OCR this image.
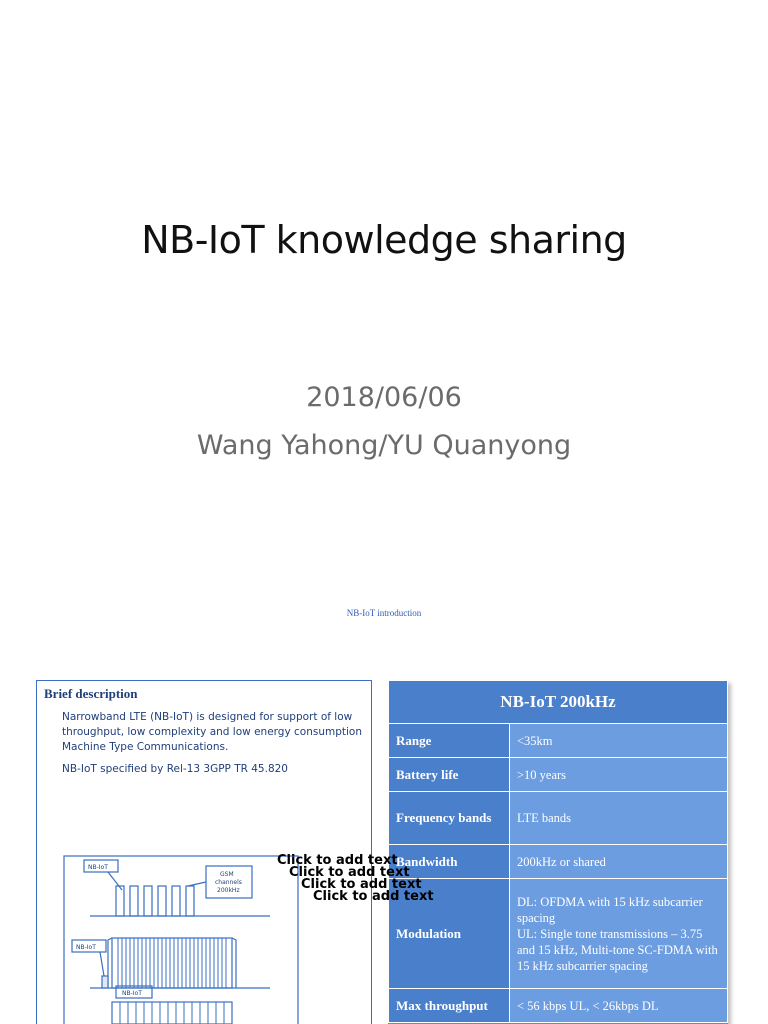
NB-IoT knowledge sharing
2018/06/06
Wang Yahong/YU Quanyong
NB-IoT introduction
Brief description
Narrowband LTE (NB-IoT) is designed for support of low throughput, low complexity and low energy consumption Machine Type Communications.
NB-IoT specified by Rel-13 3GPP TR 45.820
NB-IoT
GSM
channels
200kHz
NB-IoT
NB-IoT
NB-IoT 200kHz	
Range	<35km
Battery life	>10 years
Frequency bands	LTE bands
Bandwidth	200kHz or shared
Modulation	DL: OFDMA with 15 kHz subcarrier spacing
UL: Single tone transmissions – 3.75 and 15 kHz, Multi-tone SC-FDMA with 15 kHz subcarrier spacing

Max throughput	< 56 kbps UL, < 26kbps DL
Click to add text
Click to add text
Click to add text
Click to add text
